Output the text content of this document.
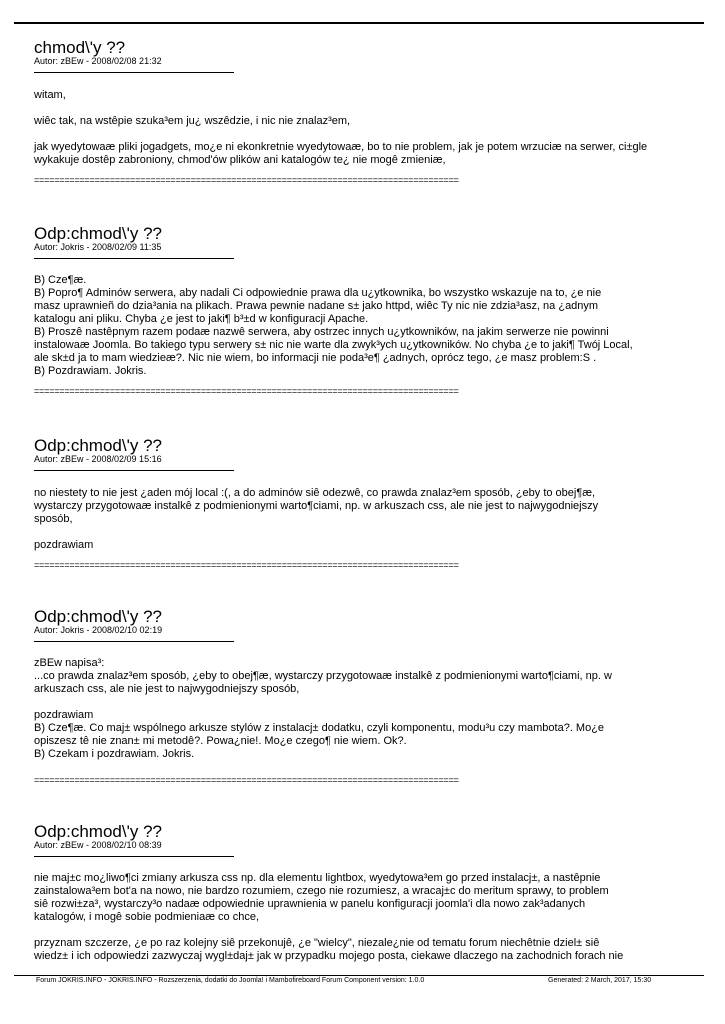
chmod\'y ??
Autor: zBEw - 2008/02/08 21:32
witam,

wiêc tak, na wstêpie szuka³em ju¿ wszêdzie, i nic nie znalaz³em,

jak wyedytowaæ pliki jogadgets, mo¿e ni ekonkretnie wyedytowaæ, bo to nie problem, jak je potem wrzuciæ na serwer, ci±gle
wykakuje dostêp zabroniony, chmod'ów plików ani katalogów te¿ nie mogê zmieniæ,
====================================================================================
Odp:chmod\'y ??
Autor: Jokris - 2008/02/09 11:35
B) Cze¶æ.
B) Popro¶ Adminów serwera, aby nadali Ci odpowiednie prawa dla u¿ytkownika, bo wszystko wskazuje na to, ¿e nie
masz uprawnieñ do dzia³ania na plikach. Prawa pewnie nadane s± jako httpd, wiêc Ty nic nie zdzia³asz, na ¿adnym
katalogu ani pliku. Chyba ¿e jest to jaki¶ b³±d w konfiguracji Apache.
B) Proszê nastêpnym razem podaæ nazwê serwera, aby ostrzec innych u¿ytkowników, na jakim serwerze nie powinni
instalowaæ Joomla. Bo takiego typu serwery s± nic nie warte dla zwyk³ych u¿ytkowników. No chyba ¿e to jaki¶ Twój Local,
ale sk±d ja to mam wiedzieæ?. Nic nie wiem, bo informacji nie poda³e¶ ¿adnych, oprócz tego, ¿e masz problem:S .
B) Pozdrawiam. Jokris.
====================================================================================
Odp:chmod\'y ??
Autor: zBEw - 2008/02/09 15:16
no niestety to nie jest ¿aden mój local :(, a do adminów siê odezwê, co prawda znalaz³em sposób, ¿eby to obej¶æ,
wystarczy przygotowaæ instalkê z podmienionymi warto¶ciami, np. w arkuszach css, ale nie jest to najwygodniejszy
sposób,

pozdrawiam
====================================================================================
Odp:chmod\'y ??
Autor: Jokris - 2008/02/10 02:19
zBEw napisa³:
...co prawda znalaz³em sposób, ¿eby to obej¶æ, wystarczy przygotowaæ instalkê z podmienionymi warto¶ciami, np. w
arkuszach css, ale nie jest to najwygodniejszy sposób,

pozdrawiam
B) Cze¶æ. Co maj± wspólnego arkusze stylów z instalacj± dodatku, czyli komponentu, modu³u czy mambota?. Mo¿e
opiszesz tê nie znan± mi metodê?. Powa¿nie!. Mo¿e czego¶ nie wiem. Ok?.
B) Czekam i pozdrawiam. Jokris.
====================================================================================
Odp:chmod\'y ??
Autor: zBEw - 2008/02/10 08:39
nie maj±c mo¿liwo¶ci zmiany arkusza css np. dla elementu lightbox, wyedytowa³em go przed instalacj±, a nastêpnie
zainstalowa³em bot'a na nowo, nie bardzo rozumiem, czego nie rozumiesz, a wracaj±c do meritum sprawy, to problem
siê rozwi±za³, wystarczy³o nadaæ odpowiednie uprawnienia w panelu konfiguracji joomla'i dla nowo zak³adanych
katalogów, i mogê sobie podmieniaæ co chce,

przyznam szczerze, ¿e po raz kolejny siê przekonujê, ¿e "wielcy", niezale¿nie od tematu forum niechêtnie dziel± siê
wiedz± i ich odpowiedzi zazwyczaj wygl±daj± jak w przypadku mojego posta, ciekawe dlaczego na zachodnich forach nie
Forum JOKRIS.INFO - JOKRIS.INFO - Rozszerzenia, dodatki do Joomla! i Mambofireboard Forum Component version: 1.0.0	Generated: 2 March, 2017, 15:30
